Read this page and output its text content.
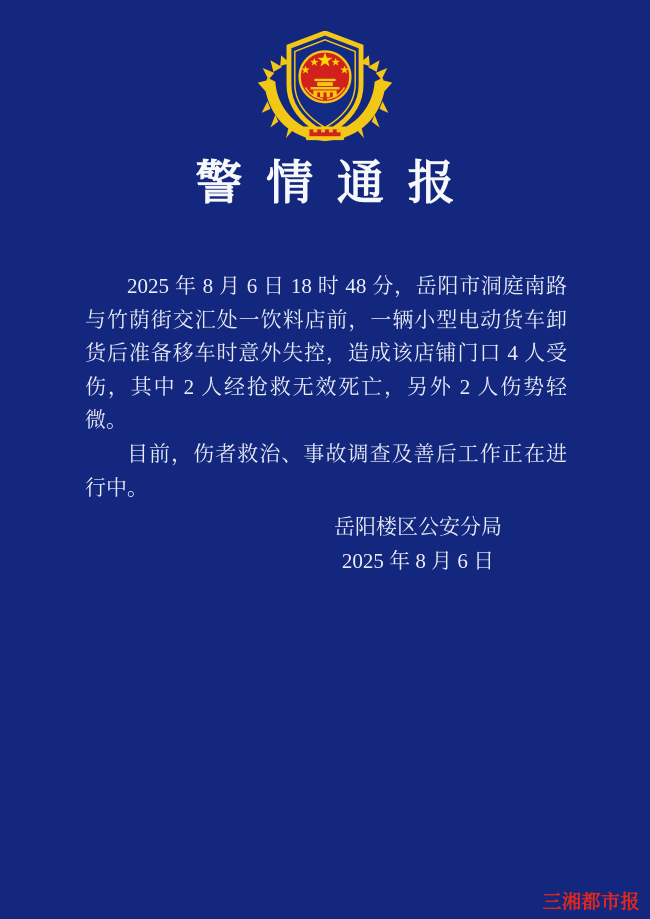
警 情 通 报

2025 年 8 月 6 日 18 时 48 分，岳阳市洞庭南路与竹荫街交汇处一饮料店前，一辆小型电动货车卸货后准备移车时意外失控，造成该店铺门口 4 人受伤，其中 2 人经抢救无效死亡，另外 2 人伤势轻微。

目前，伤者救治、事故调查及善后工作正在进行中。

岳阳楼区公安分局
2025 年 8 月 6 日
三湘都市报
